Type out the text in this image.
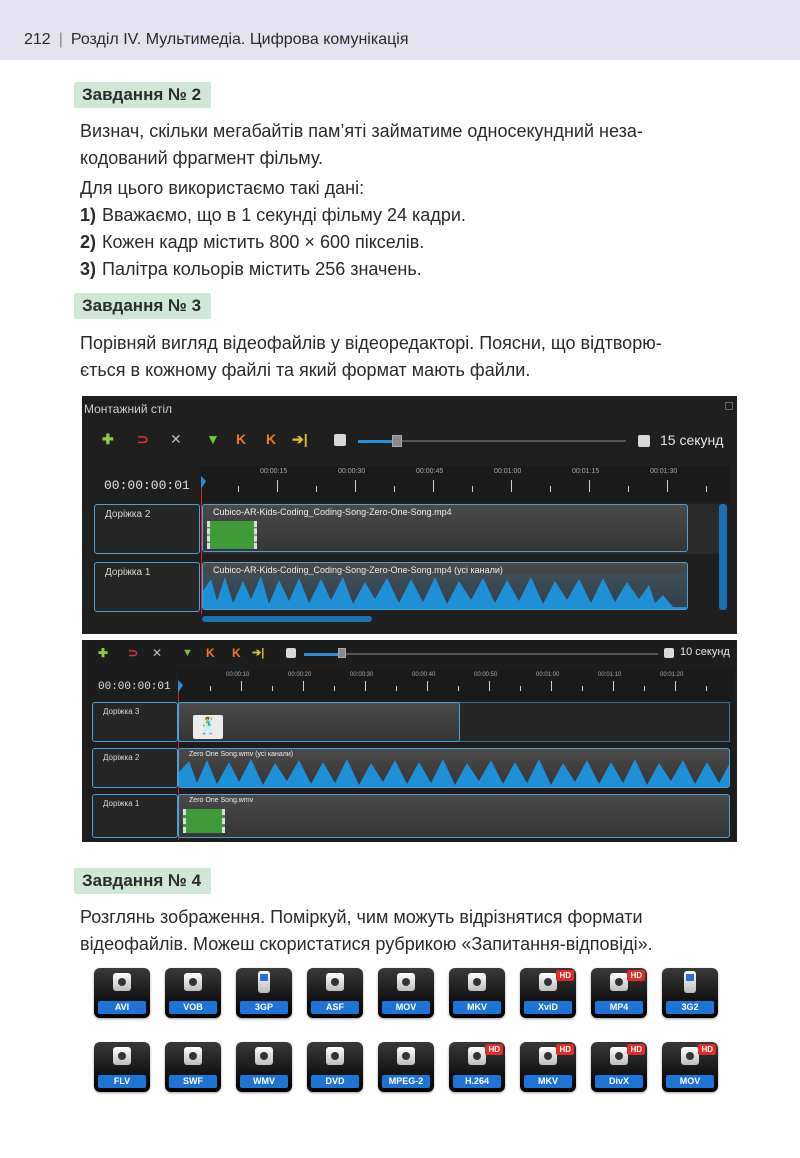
212 | Розділ IV. Мультимедіа. Цифрова комунікація
Завдання № 2
Визнач, скільки мегабайтів пам’яті займатиме односекундний неза-
кодований фрагмент фільму.
Для цього використаємо такі дані:
1) Вважаємо, що в 1 секунді фільму 24 кадри.
2) Кожен кадр містить 800 × 600 пікселів.
3) Палітра кольорів містить 256 значень.
Завдання № 3
Порівняй вигляд відеофайлів у відеоредакторі. Поясни, що відтворю-
ється в кожному файлі та який формат мають файли.
Монтажний стіл
✚ ⊃ ✕ ▼ K K ➔|	15 секунд
00:00:00:01
00:00:15	00:00:30	00:00:45	00:01:00	00:01:15	00:01:30
Доріжка 2	Cubico-AR-Kids-Coding_Coding-Song-Zero-One-Song.mp4
Доріжка 1	Cubico-AR-Kids-Coding_Coding-Song-Zero-One-Song.mp4 (усі канали)
✚ ⊃ ✕ ▼ K K ➔|	10 секунд
00:00:00:01
00:00:10	00:00:20	00:00:30	00:00:40	00:00:50	00:01:00	00:01:10	00:01:20
Доріжка 3
🕺
Доріжка 2	Zero One Song.wmv (усі канали)
Доріжка 1	Zero One Song.wmv
Завдання № 4
Розглянь зображення. Поміркуй, чим можуть відрізнятися формати
відеофайлів. Можеш скористатися рубрикою «Запитання-відповіді».
AVI	VOB	3GP	ASF	MOV	MKV
HD
XviD
HD
MP4	3G2
FLV	SWF	WMV	DVD	MPEG-2
HD
H.264
HD
MKV
HD
DivX
HD
MOV
